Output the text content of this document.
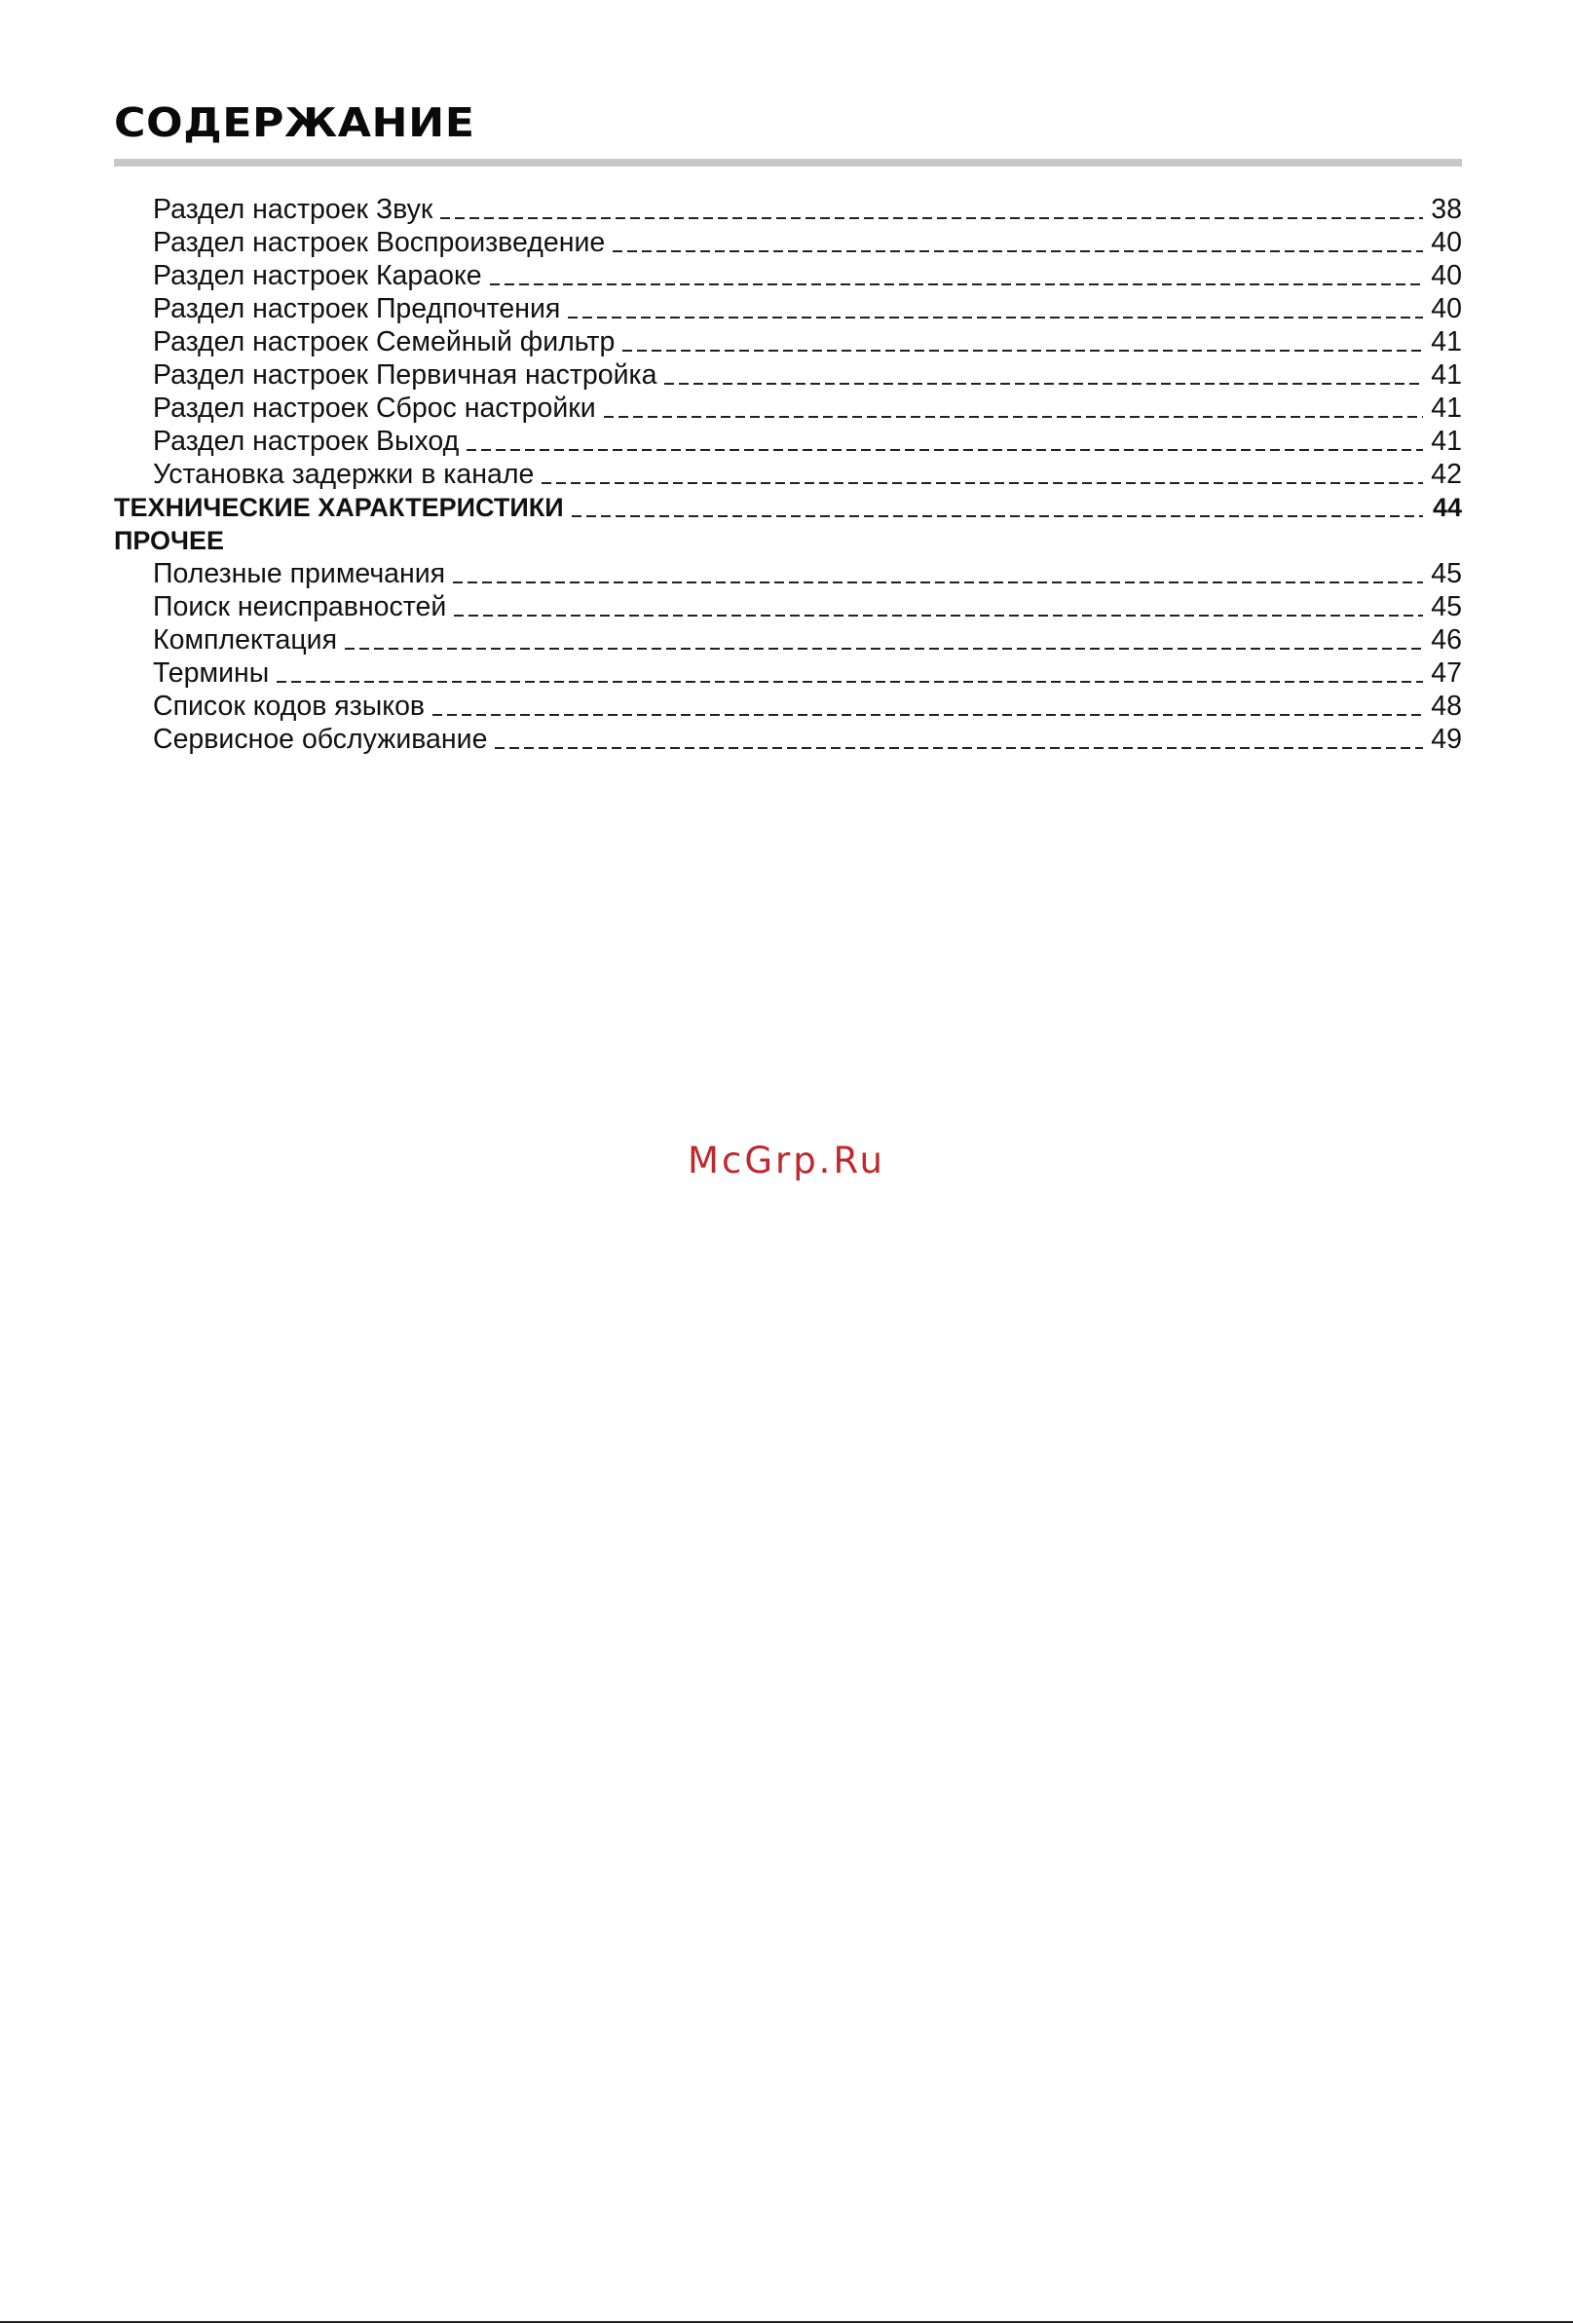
СОДЕРЖАНИЕ
Раздел настроек Звук	38
Раздел настроек Воспроизведение	40
Раздел настроек Караоке	40
Раздел настроек Предпочтения	40
Раздел настроек Семейный фильтр	41
Раздел настроек Первичная настройка	41
Раздел настроек Сброс настройки	41
Раздел настроек Выход	41
Установка задержки в канале	42
ТЕХНИЧЕСКИЕ ХАРАКТЕРИСТИКИ	44
ПРОЧЕЕ
Полезные примечания	45
Поиск неисправностей	45
Комплектация	46
Термины	47
Список кодов языков	48
Сервисное обслуживание	49
McGrp.Ru
